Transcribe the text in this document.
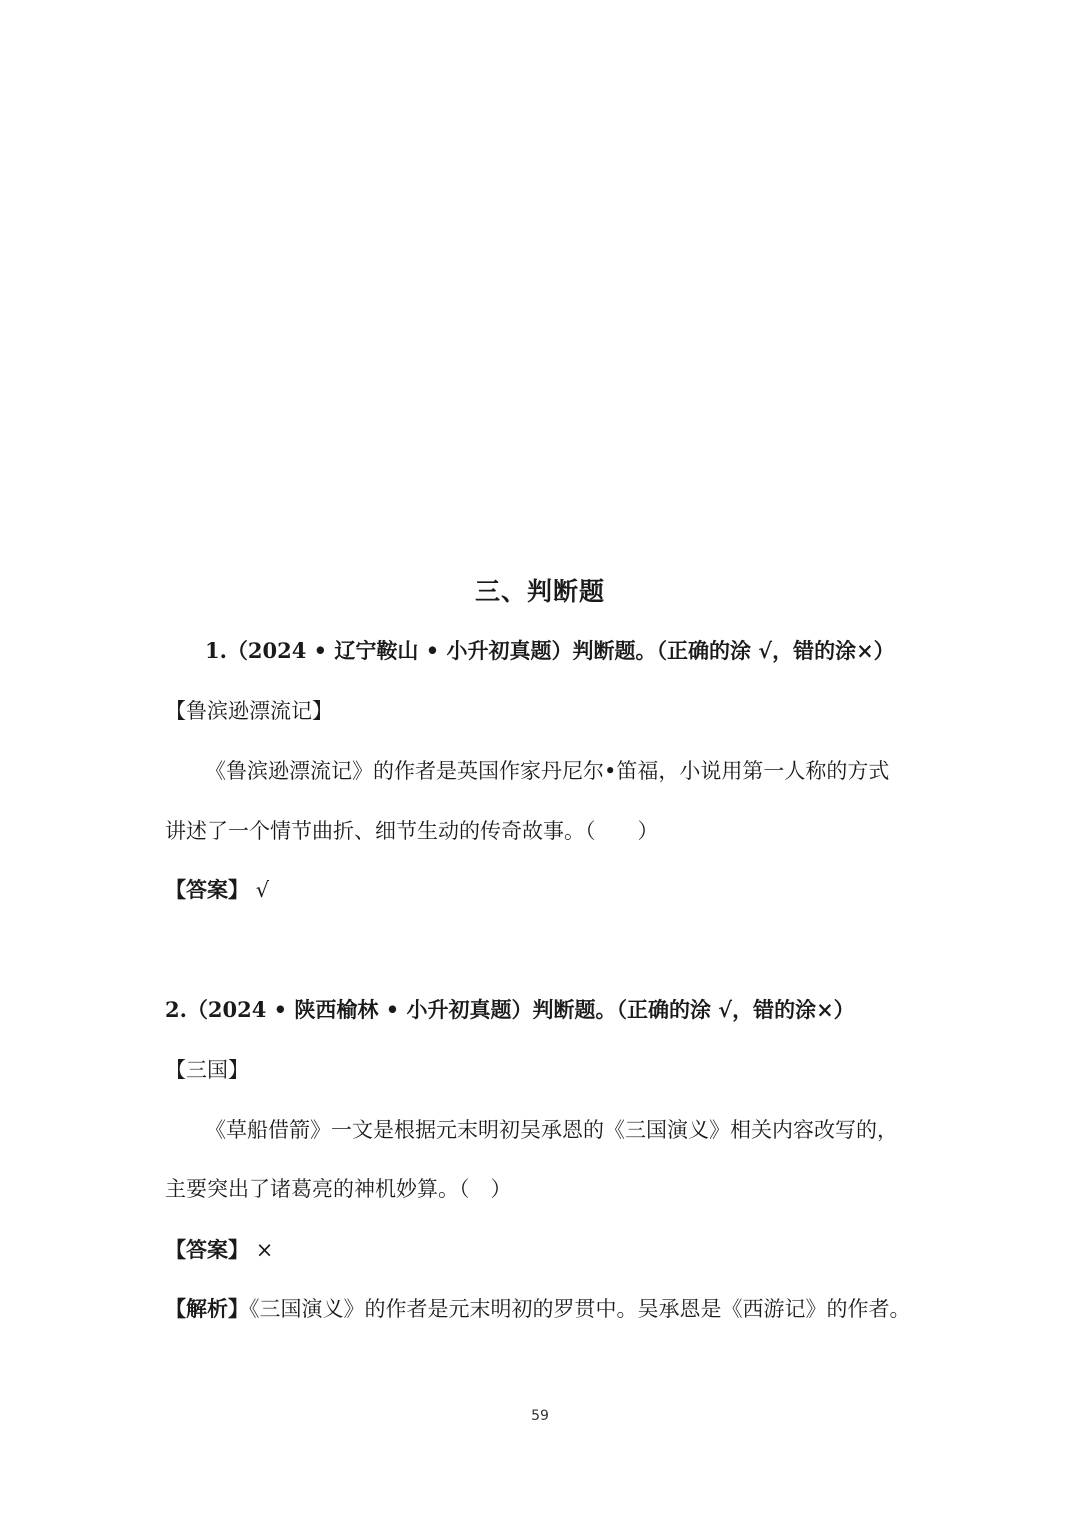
三、判断题
1.（2024 • 辽宁鞍山 • 小升初真题）判断题。（正确的涂 √，错的涂×）
【鲁滨逊漂流记】
《鲁滨逊漂流记》的作者是英国作家丹尼尔•笛福，小说用第一人称的方式
讲述了一个情节曲折、细节生动的传奇故事。（　　）
【答案】 √
2.（2024 • 陕西榆林 • 小升初真题）判断题。（正确的涂 √，错的涂×）
【三国】
《草船借箭》一文是根据元末明初吴承恩的《三国演义》相关内容改写的，
主要突出了诸葛亮的神机妙算。（　）
【答案】 ×
【解析】《三国演义》的作者是元末明初的罗贯中。吴承恩是《西游记》的作者。
59
